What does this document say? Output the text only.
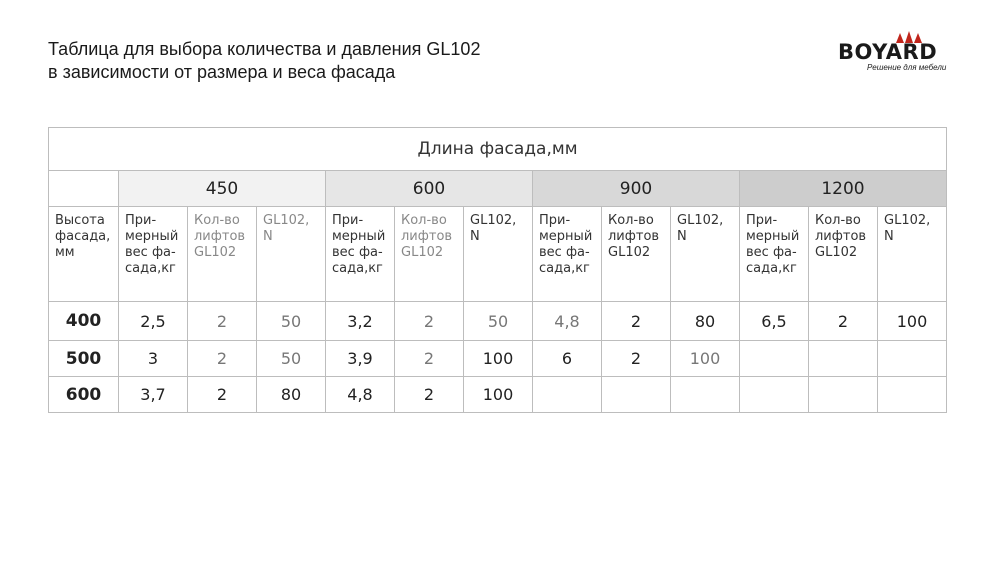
Таблица для выбора количества и давления GL102
в зависимости от размера и веса фасада
BOYARD
Решение для мебели
Длина фасада,мм												
	450			600			900			1200		
Высота фасада, мм	При-мерный вес фа-сада,кг	Кол-во лифтов GL102	GL102, N	При-мерный вес фа-сада,кг	Кол-во лифтов GL102	GL102, N	При-мерный вес фа-сада,кг	Кол-во лифтов GL102	GL102, N	При-мерный вес фа-сада,кг	Кол-во лифтов GL102	GL102, N
400	2,5	2	50	3,2	2	50	4,8	2	80	6,5	2	100
500	3	2	50	3,9	2	100	6	2	100			
600	3,7	2	80	4,8	2	100						
